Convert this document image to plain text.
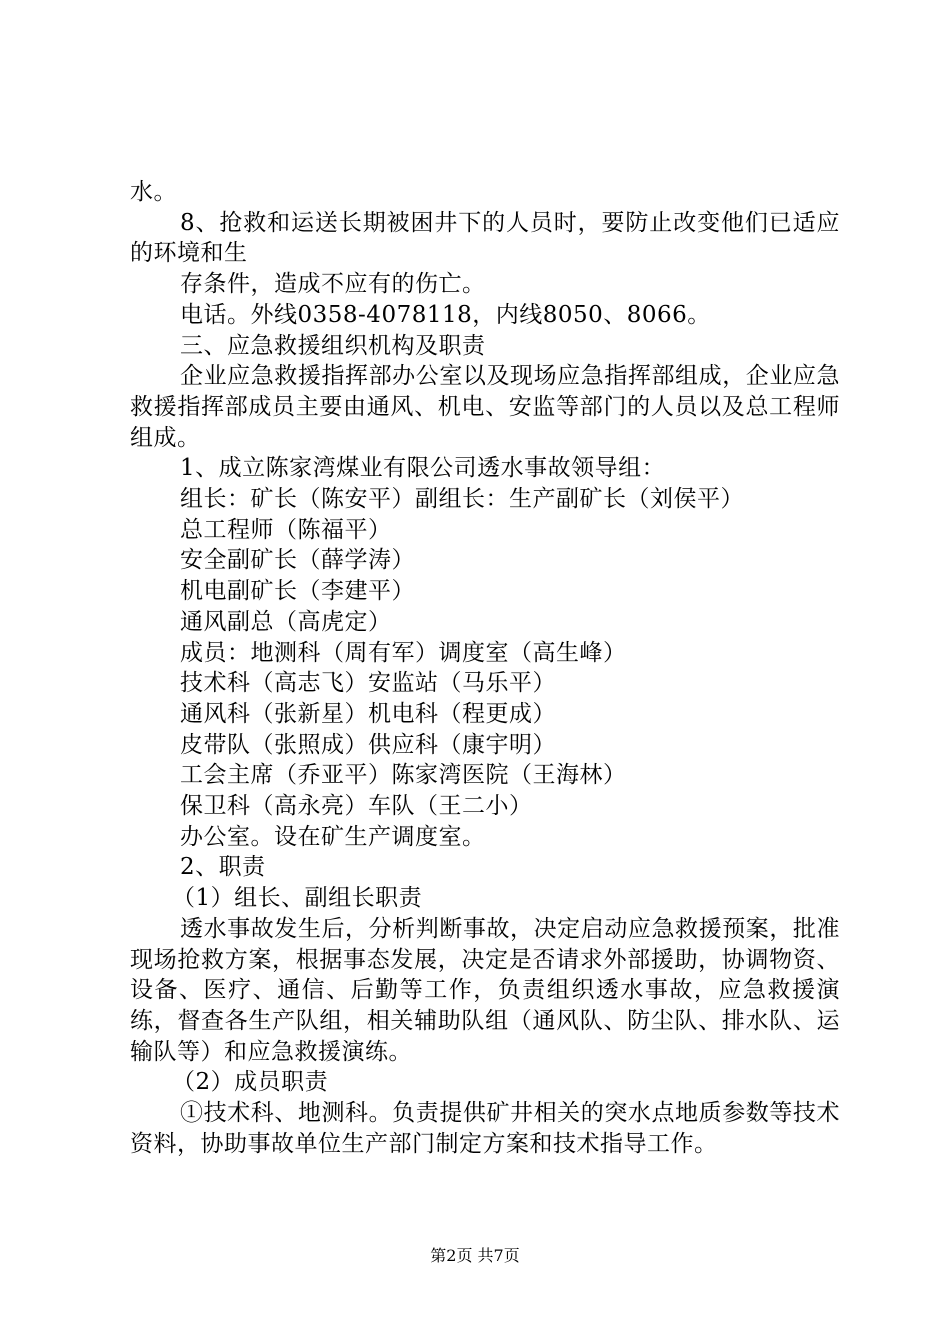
水。

8、抢救和运送长期被困井下的人员时，要防止改变他们已适应的环境和生

存条件，造成不应有的伤亡。

电话。外线0358-4078118，内线8050、8066。

三、应急救援组织机构及职责

企业应急救援指挥部办公室以及现场应急指挥部组成，企业应急救援指挥部成员主要由通风、机电、安监等部门的人员以及总工程师组成。

1、成立陈家湾煤业有限公司透水事故领导组：

组长：矿长（陈安平）副组长：生产副矿长（刘侯平）

总工程师（陈福平）

安全副矿长（薛学涛）

机电副矿长（李建平）

通风副总（高虎定）

成员：地测科（周有军）调度室（高生峰）

技术科（高志飞）安监站（马乐平）

通风科（张新星）机电科（程更成）

皮带队（张照成）供应科（康宇明）

工会主席（乔亚平）陈家湾医院（王海林）

保卫科（高永亮）车队（王二小）

办公室。设在矿生产调度室。

2、职责

（1）组长、副组长职责

透水事故发生后，分析判断事故，决定启动应急救援预案，批准现场抢救方案，根据事态发展，决定是否请求外部援助，协调物资、设备、医疗、通信、后勤等工作，负责组织透水事故，应急救援演练，督查各生产队组，相关辅助队组（通风队、防尘队、排水队、运输队等）和应急救援演练。

（2）成员职责

①技术科、地测科。负责提供矿井相关的突水点地质参数等技术资料，协助事故单位生产部门制定方案和技术指导工作。

第2页 共7页
